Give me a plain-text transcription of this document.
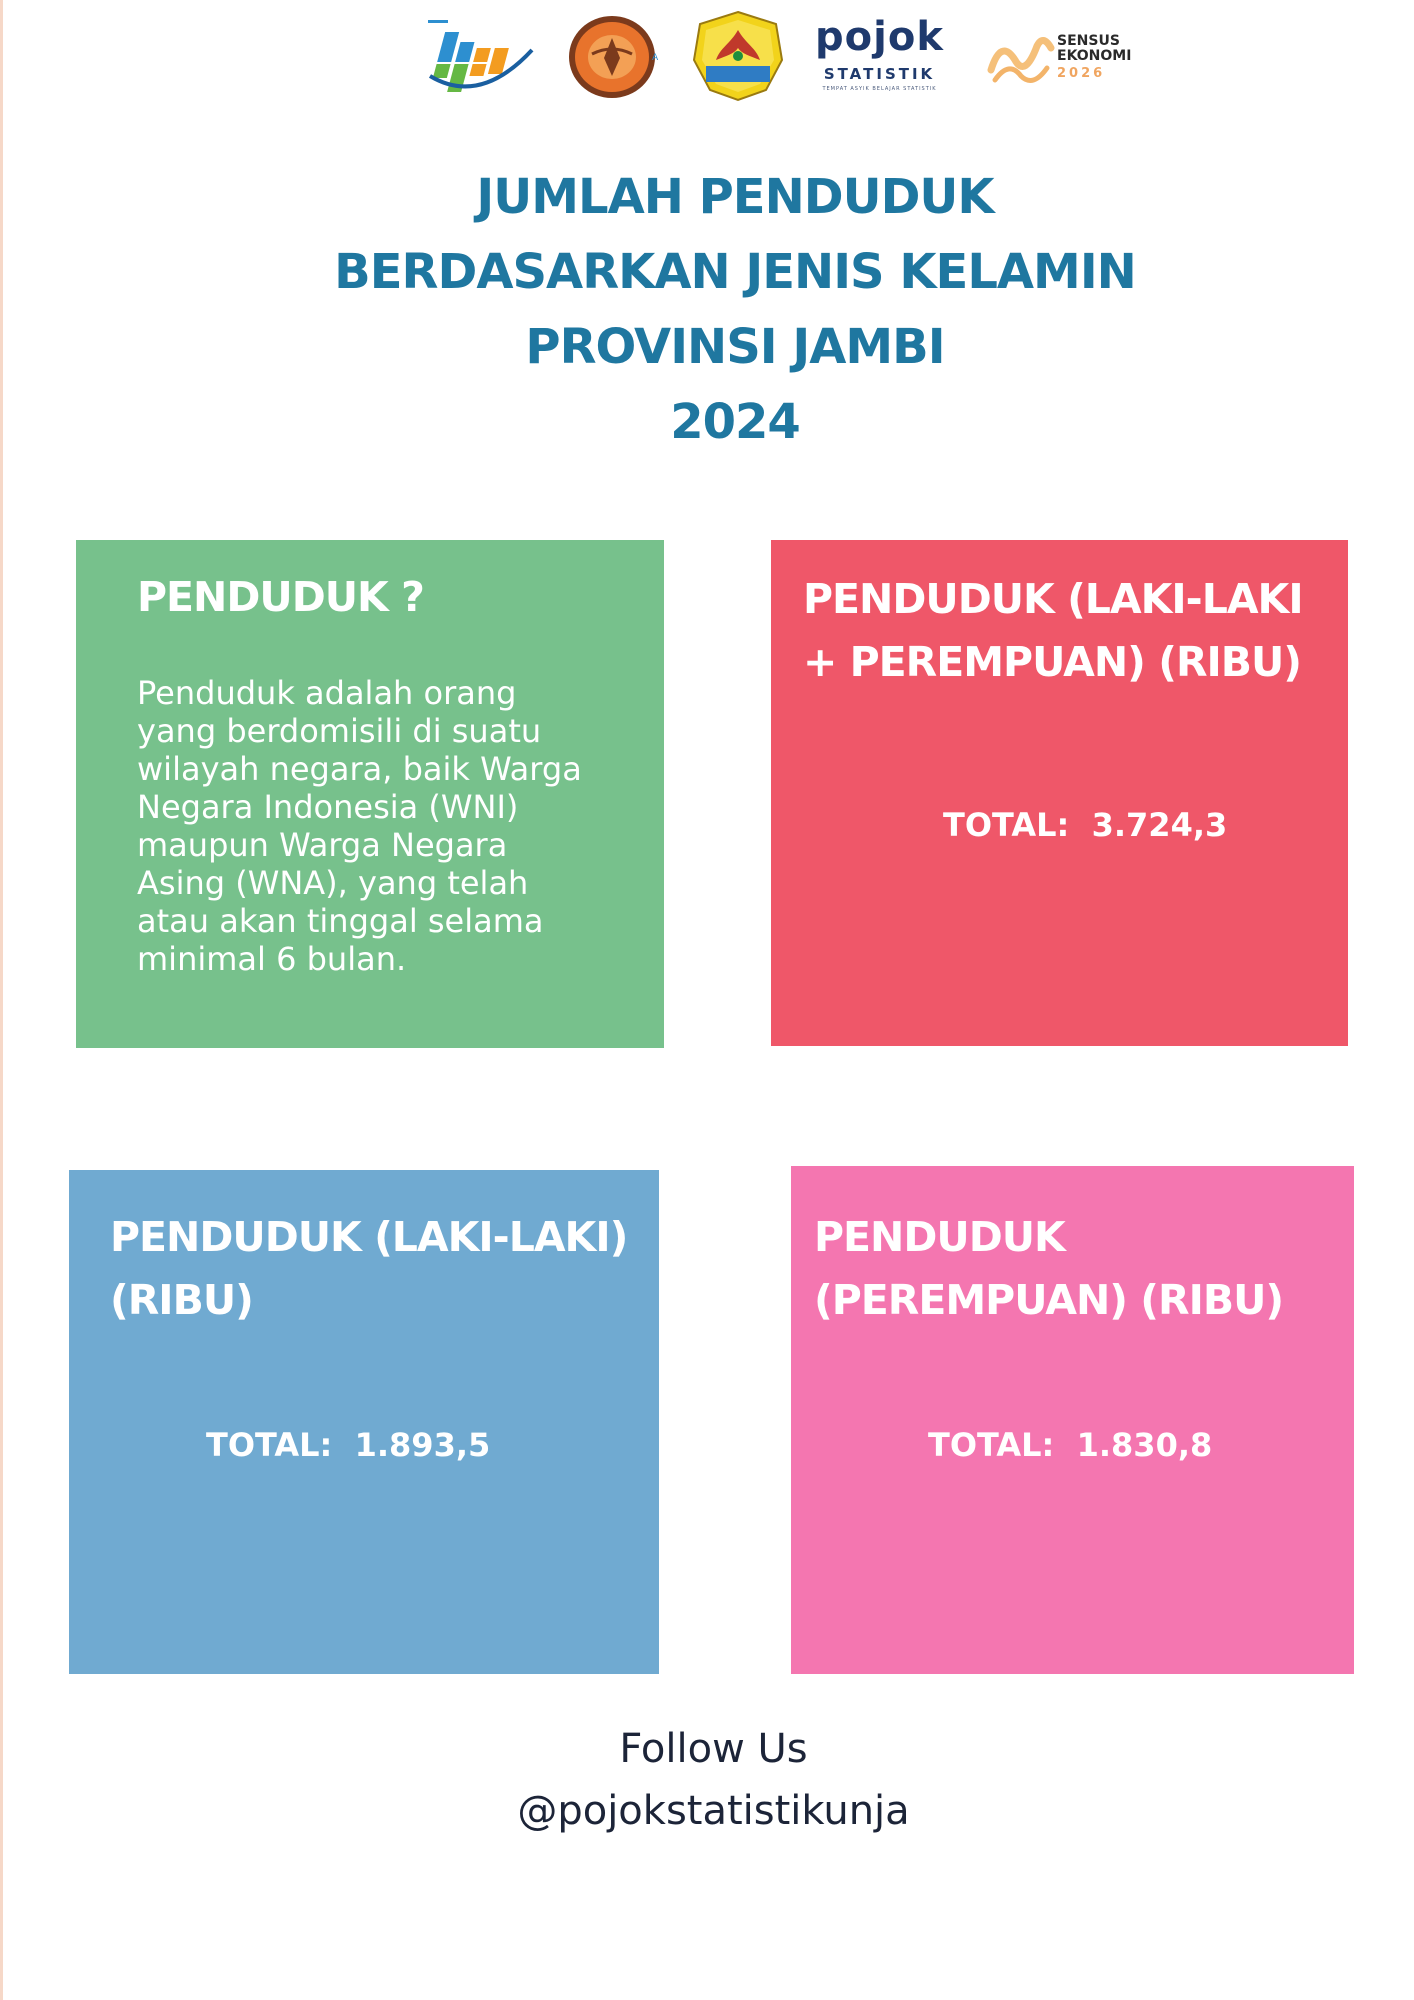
A	pojok
STATISTIK
TEMPAT ASYIK BELAJAR STATISTIK
SENSUS
EKONOMI
2026
JUMLAH PENDUDUK
BERDASARKAN JENIS KELAMIN
PROVINSI JAMBI
2024
PENDUDUK ?
Penduduk adalah orang
yang berdomisili di suatu
wilayah negara, baik Warga
Negara Indonesia (WNI)
maupun Warga Negara
Asing (WNA), yang telah
atau akan tinggal selama
minimal 6 bulan.
PENDUDUK (LAKI-LAKI
+ PEREMPUAN) (RIBU)
TOTAL: 3.724,3
PENDUDUK (LAKI-LAKI)
(RIBU)
TOTAL: 1.893,5
PENDUDUK
(PEREMPUAN) (RIBU)
TOTAL: 1.830,8
Follow Us
@pojokstatistikunja
